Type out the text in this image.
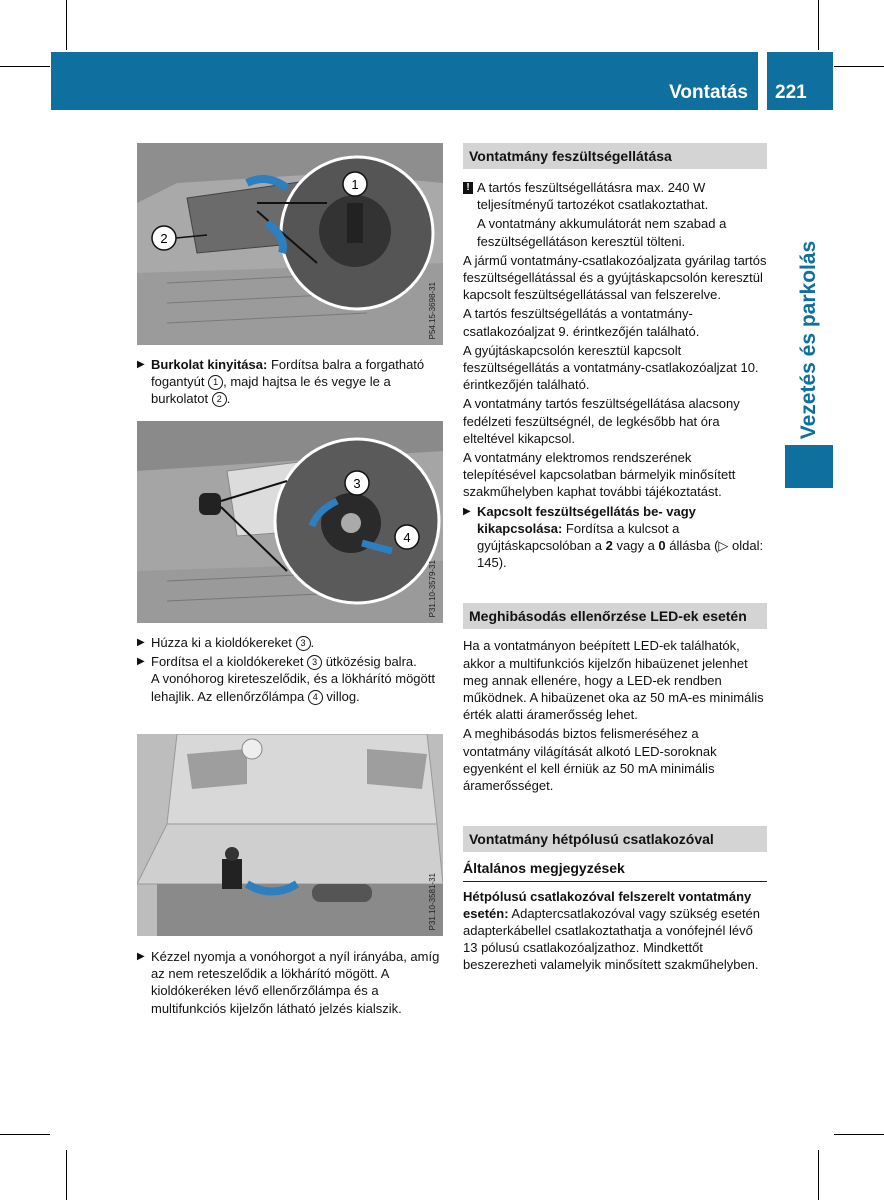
Vontatás 221
Vezetés és parkolás
1
2
P54.15-3698-31
▶ Burkolat kinyitása: Fordítsa balra a forgatható fogantyút 1 , majd hajtsa le és vegye le a burkolatot 2 .
3
4
P31.10-3579-31
▶ Húzza ki a kioldókereket 3 .
▶ Fordítsa el a kioldókereket 3 ütközésig balra.
A vonóhorog kireteszelődik, és a lökhárító mögött lehajlik. Az ellenőrzőlámpa 4 villog.
P31.10-3581-31
▶ Kézzel nyomja a vonóhorgot a nyíl irányába, amíg az nem reteszelődik a lökhárító mögött. A kioldókeréken lévő ellenőrzőlámpa és a multifunkciós kijelzőn látható jelzés kialszik.
Vontatmány feszültségellátása
! A tartós feszültségellátásra max. 240 W teljesítményű tartozékot csatlakoztathat.

A vontatmány akkumulátorát nem szabad a feszültségellátáson keresztül tölteni.

A jármű vontatmány-csatlakozóaljzata gyárilag tartós feszültségellátással és a gyújtáskapcsolón keresztül kapcsolt feszültségellátással van felszerelve.

A tartós feszültségellátás a vontatmány-csatlakozóaljzat 9. érintkezőjén található.

A gyújtáskapcsolón keresztül kapcsolt feszültségellátás a vontatmány-csatlakozóaljzat 10. érintkezőjén található.

A vontatmány tartós feszültségellátása alacsony fedélzeti feszültségnél, de legkésőbb hat óra elteltével kikapcsol.

A vontatmány elektromos rendszerének telepítésével kapcsolatban bármelyik minősített szakműhelyben kaphat további tájékoztatást.

▶ Kapcsolt feszültségellátás be- vagy kikapcsolása: Fordítsa a kulcsot a gyújtáskapcsolóban a 2 vagy a 0 állásba (▷ oldal: 145).
Meghibásodás ellenőrzése LED-ek esetén

Ha a vontatmányon beépített LED-ek találhatók, akkor a multifunkciós kijelzőn hibaüzenet jelenhet meg annak ellenére, hogy a LED-ek rendben működnek. A hibaüzenet oka az 50 mA-es minimális érték alatti áramerősség lehet.

A meghibásodás biztos felismeréséhez a vontatmány világítását alkotó LED-soroknak egyenként el kell érniük az 50 mA minimális áramerősséget.

Vontatmány hétpólusú csatlakozóval
Általános megjegyzések

Hétpólusú csatlakozóval felszerelt vontatmány esetén: Adaptercsatlakozóval vagy szükség esetén adapterkábellel csatlakoztathatja a vonófejnél lévő 13 pólusú csatlakozóaljzathoz. Mindkettőt beszerezheti valamelyik minősített szakműhelyben.
